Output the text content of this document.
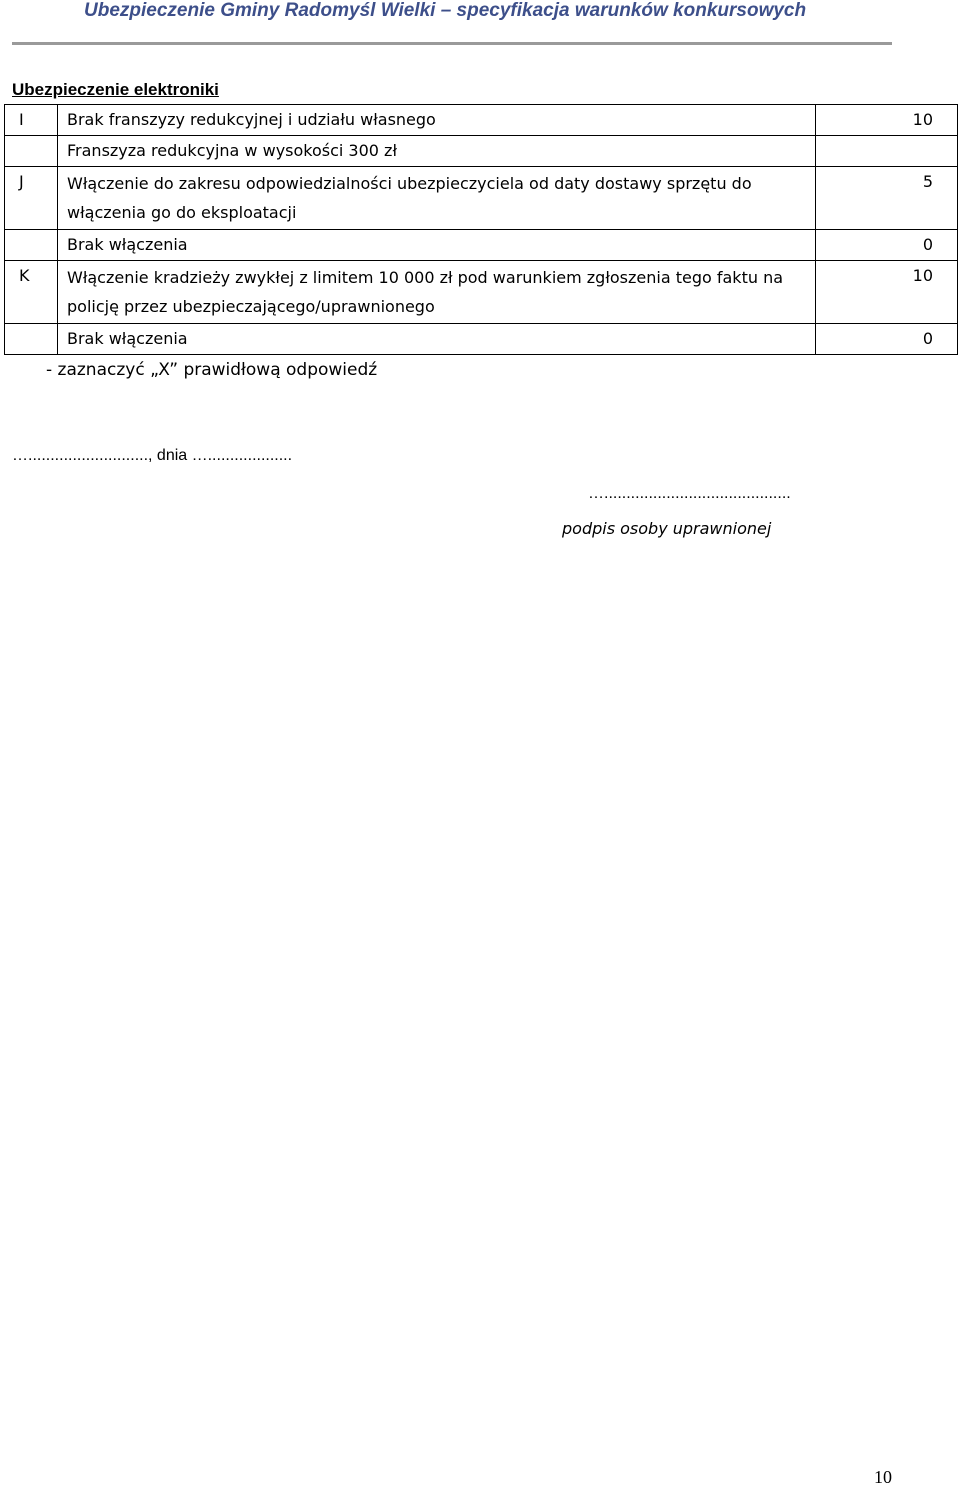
Ubezpieczenie Gminy Radomyśl Wielki – specyfikacja warunków konkursowych
Ubezpieczenie elektroniki
I	Brak franszyzy redukcyjnej i udziału własnego	10
	Franszyza redukcyjna w wysokości 300 zł	
J	Włączenie do zakresu odpowiedzialności ubezpieczyciela od daty dostawy sprzętu do włączenia go do eksploatacji	5
	Brak włączenia	0
K	Włączenie kradzieży zwykłej z limitem 10 000 zł pod warunkiem zgłoszenia tego faktu na policję przez ubezpieczającego/uprawnionego	10
	Brak włączenia	0
- zaznaczyć „X” prawidłową odpowiedź
…..........................., dnia …...................
…..........................................
podpis osoby uprawnionej
10
